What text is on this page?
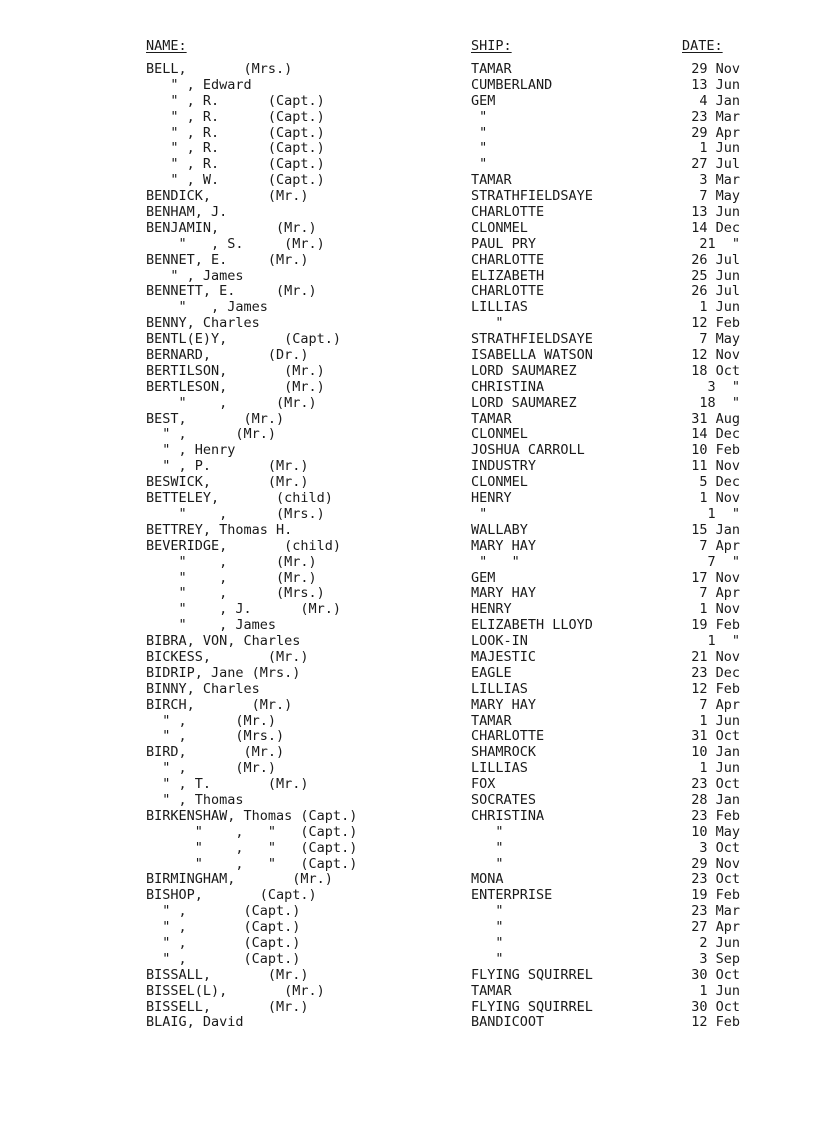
NAME:	SHIP:	DATE:
BELL,       (Mrs.)	TAMAR	29 Nov
" , Edward	CUMBERLAND	13 Jun
" , R.      (Capt.)	GEM	4 Jan
" , R.      (Capt.)	"	23 Mar
" , R.      (Capt.)	"	29 Apr
" , R.      (Capt.)	"	1 Jun
" , R.      (Capt.)	"	27 Jul
" , W.      (Capt.)	TAMAR	3 Mar
BENDICK,       (Mr.)	STRATHFIELDSAYE	7 May
BENHAM, J.	CHARLOTTE	13 Jun
BENJAMIN,       (Mr.)	CLONMEL	14 Dec
"   , S.     (Mr.)	PAUL PRY	21  "
BENNET, E.     (Mr.)	CHARLOTTE	26 Jul
" , James	ELIZABETH	25 Jun
BENNETT, E.     (Mr.)	CHARLOTTE	26 Jul
"   , James	LILLIAS	1 Jun
BENNY, Charles	"	12 Feb
BENTL(E)Y,       (Capt.)	STRATHFIELDSAYE	7 May
BERNARD,       (Dr.)	ISABELLA WATSON	12 Nov
BERTILSON,       (Mr.)	LORD SAUMAREZ	18 Oct
BERTLESON,       (Mr.)	CHRISTINA	3  "
"    ,      (Mr.)	LORD SAUMAREZ	18  "
BEST,       (Mr.)	TAMAR	31 Aug
" ,      (Mr.)	CLONMEL	14 Dec
" , Henry	JOSHUA CARROLL	10 Feb
" , P.       (Mr.)	INDUSTRY	11 Nov
BESWICK,       (Mr.)	CLONMEL	5 Dec
BETTELEY,       (child)	HENRY	1 Nov
"    ,      (Mrs.)	"	1  "
BETTREY, Thomas H.	WALLABY	15 Jan
BEVERIDGE,       (child)	MARY HAY	7 Apr
"    ,      (Mr.)	"   "	7  "
"    ,      (Mr.)	GEM	17 Nov
"    ,      (Mrs.)	MARY HAY	7 Apr
"    , J.      (Mr.)	HENRY	1 Nov
"    , James	ELIZABETH LLOYD	19 Feb
BIBRA, VON, Charles	LOOK-IN	1  "
BICKESS,       (Mr.)	MAJESTIC	21 Nov
BIDRIP, Jane (Mrs.)	EAGLE	23 Dec
BINNY, Charles	LILLIAS	12 Feb
BIRCH,       (Mr.)	MARY HAY	7 Apr
" ,      (Mr.)	TAMAR	1 Jun
" ,      (Mrs.)	CHARLOTTE	31 Oct
BIRD,       (Mr.)	SHAMROCK	10 Jan
" ,      (Mr.)	LILLIAS	1 Jun
" , T.       (Mr.)	FOX	23 Oct
" , Thomas	SOCRATES	28 Jan
BIRKENSHAW, Thomas (Capt.)	CHRISTINA	23 Feb
"    ,   "   (Capt.)	"	10 May
"    ,   "   (Capt.)	"	3 Oct
"    ,   "   (Capt.)	"	29 Nov
BIRMINGHAM,       (Mr.)	MONA	23 Oct
BISHOP,       (Capt.)	ENTERPRISE	19 Feb
" ,       (Capt.)	"	23 Mar
" ,       (Capt.)	"	27 Apr
" ,       (Capt.)	"	2 Jun
" ,       (Capt.)	"	3 Sep
BISSALL,       (Mr.)	FLYING SQUIRREL	30 Oct
BISSEL(L),       (Mr.)	TAMAR	1 Jun
BISSELL,       (Mr.)	FLYING SQUIRREL	30 Oct
BLAIG, David	BANDICOOT	12 Feb
